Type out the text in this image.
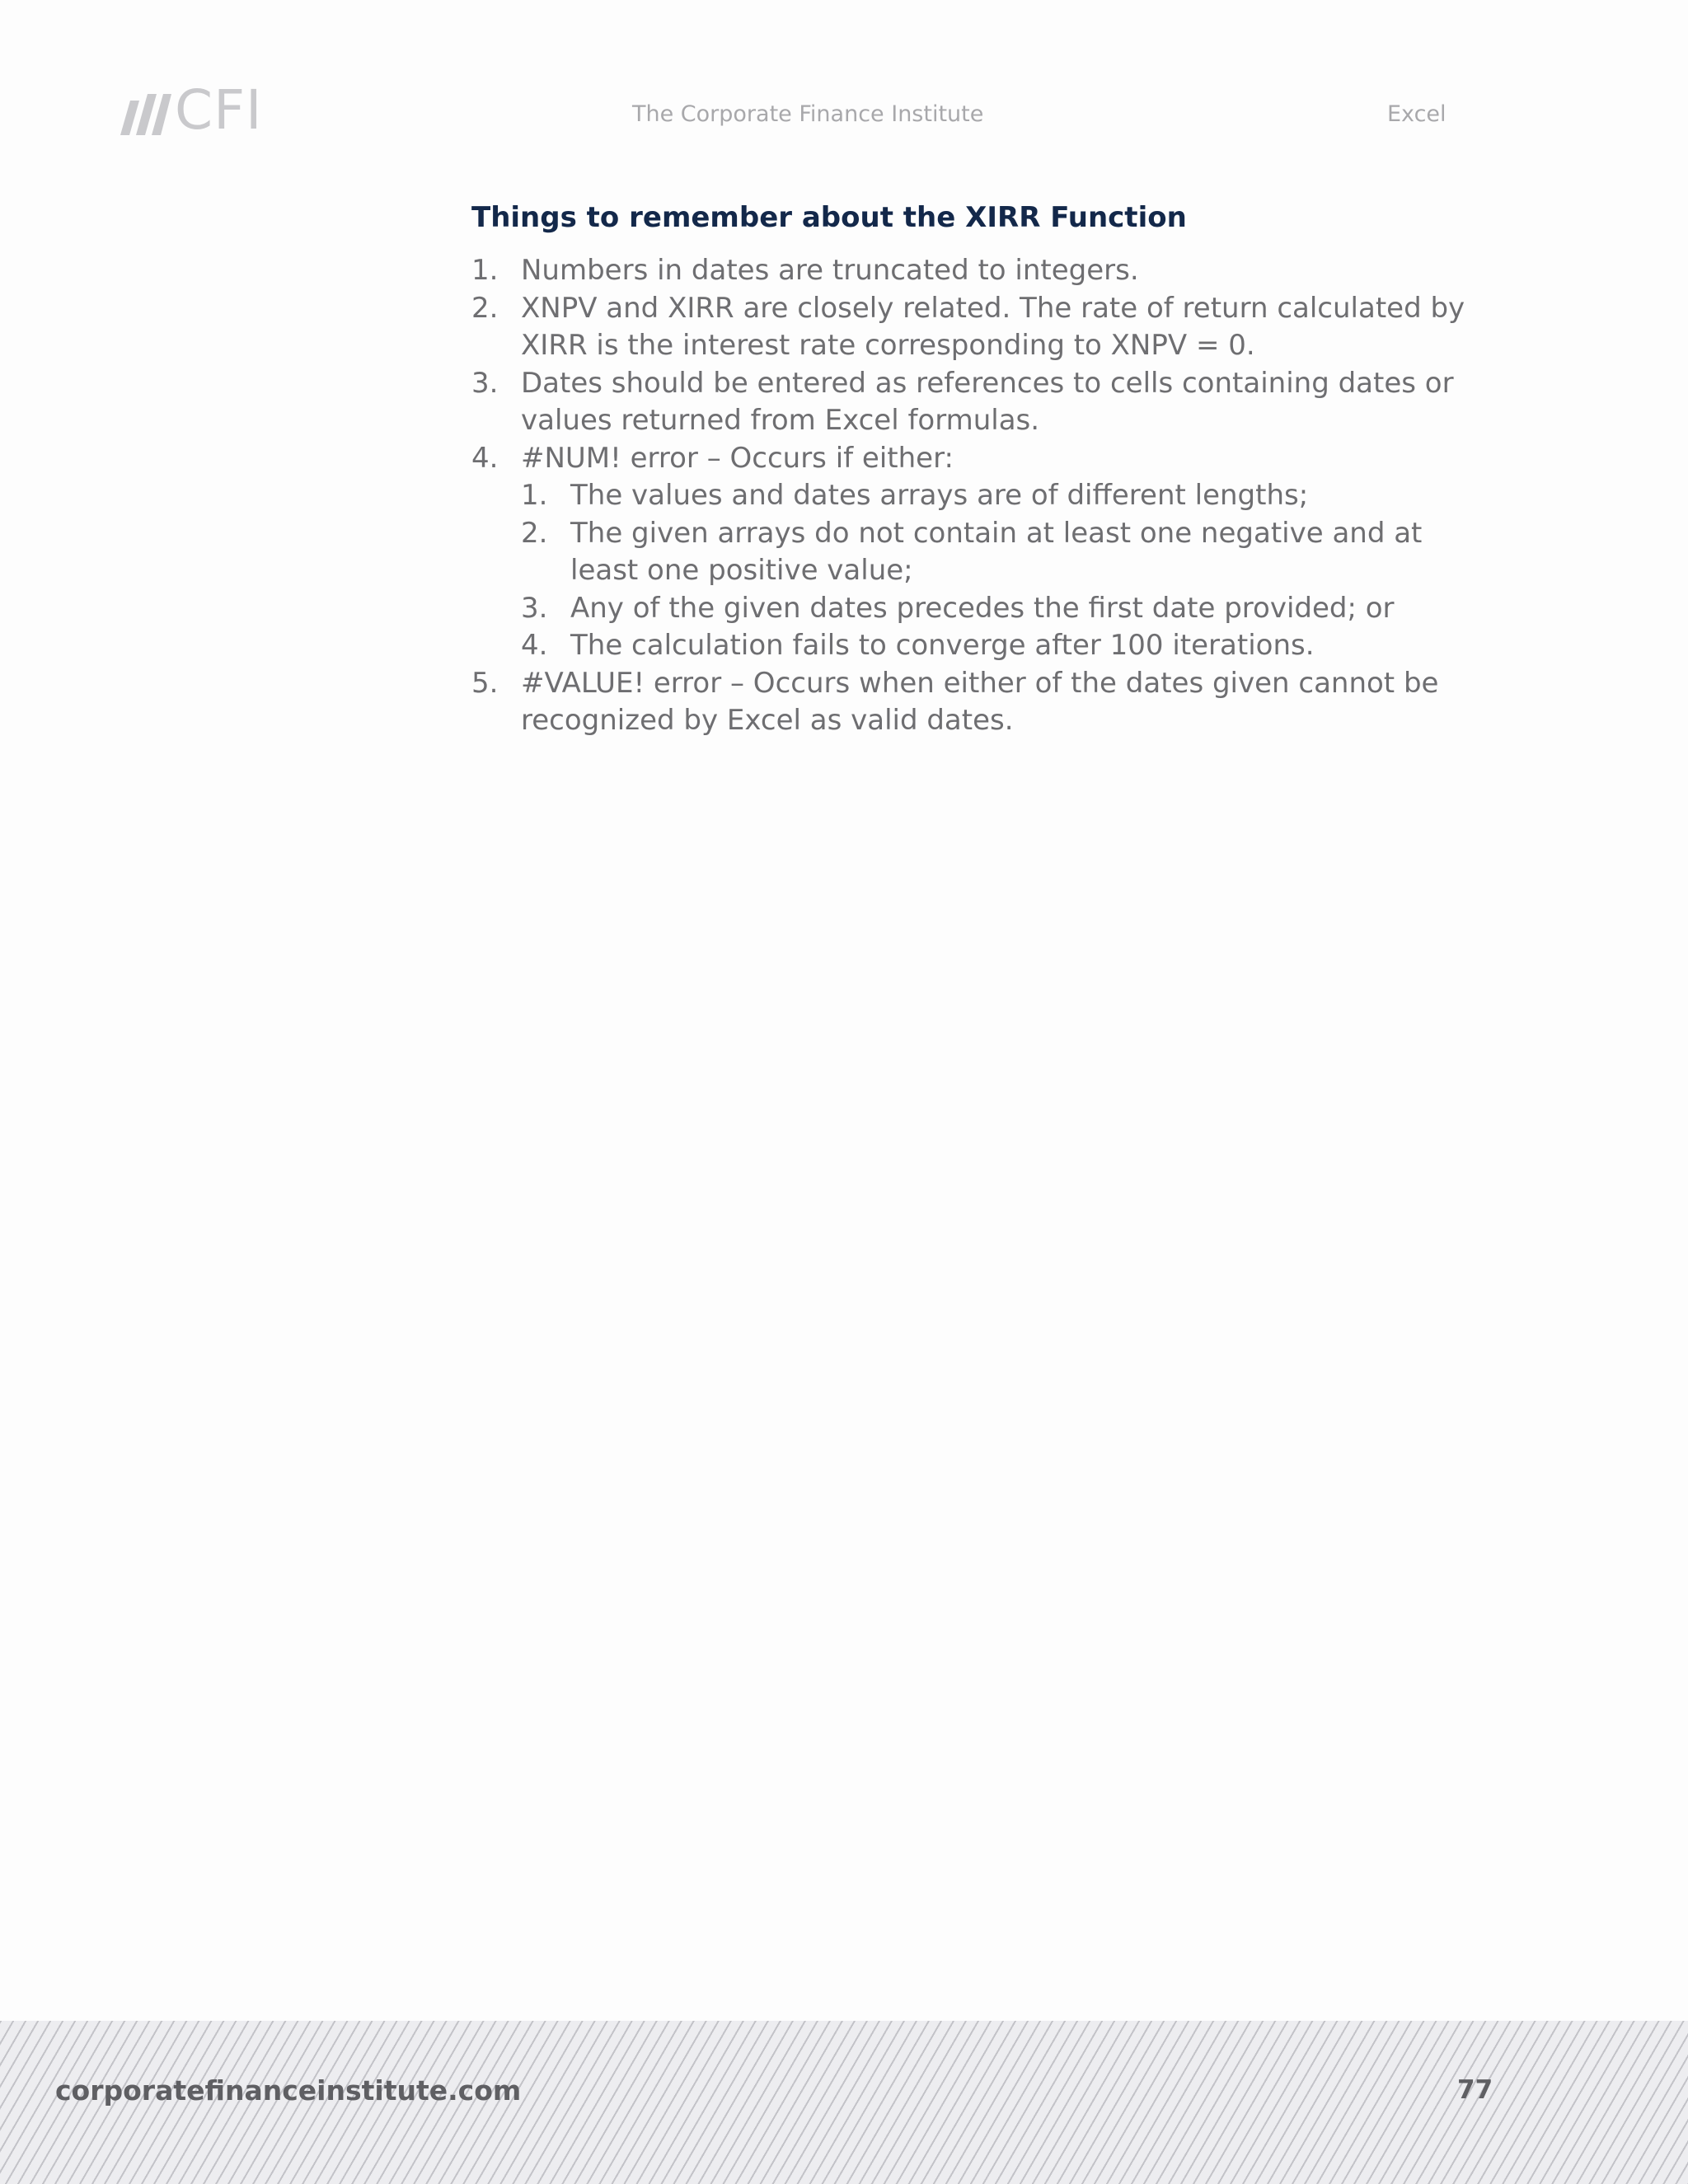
CFI	The Corporate Finance Institute	Excel
Things to remember about the XIRR Function
1. Numbers in dates are truncated to integers.
2. XNPV and XIRR are closely related. The rate of return calculated by XIRR is the interest rate corresponding to XNPV = 0.
3. Dates should be entered as references to cells containing dates or values returned from Excel formulas.
4. #NUM! error – Occurs if either:
1. The values and dates arrays are of different lengths;
2. The given arrays do not contain at least one negative and at least one positive value;
3. Any of the given dates precedes the first date provided; or
4. The calculation fails to converge after 100 iterations.
5. #VALUE! error – Occurs when either of the dates given cannot be recognized by Excel as valid dates.
corporatefinanceinstitute.com	77
